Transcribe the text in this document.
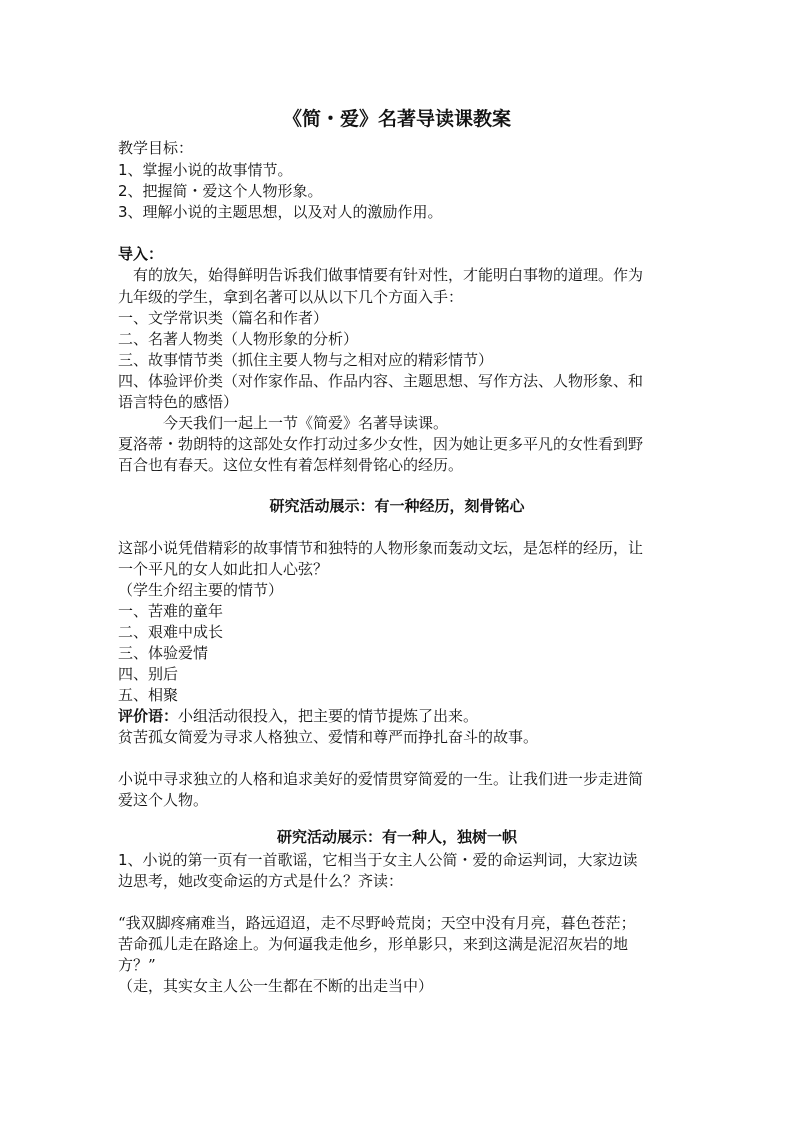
《简・爱》名著导读课教案
教学目标：
1、掌握小说的故事情节。
2、把握简・爱这个人物形象。
3、理解小说的主题思想，以及对人的激励作用。
导入：
　有的放矢，始得鲜明告诉我们做事情要有针对性，才能明白事物的道理。作为
九年级的学生，拿到名著可以从以下几个方面入手：
一、文学常识类（篇名和作者）
二、名著人物类（人物形象的分析）
三、故事情节类（抓住主要人物与之相对应的精彩情节）
四、体验评价类（对作家作品、作品内容、主题思想、写作方法、人物形象、和
语言特色的感悟）
　　　今天我们一起上一节《简爱》名著导读课。
夏洛蒂・勃朗特的这部处女作打动过多少女性，因为她让更多平凡的女性看到野
百合也有春天。这位女性有着怎样刻骨铭心的经历。
研究活动展示：有一种经历，刻骨铭心
这部小说凭借精彩的故事情节和独特的人物形象而轰动文坛，是怎样的经历，让
一个平凡的女人如此扣人心弦？
（学生介绍主要的情节）
一、苦难的童年
二、艰难中成长
三、体验爱情
四、别后
五、相聚
评价语：小组活动很投入，把主要的情节提炼了出来。
贫苦孤女简爱为寻求人格独立、爱情和尊严而挣扎奋斗的故事。
小说中寻求独立的人格和追求美好的爱情贯穿简爱的一生。让我们进一步走进简
爱这个人物。
研究活动展示：有一种人，独树一帜
1、小说的第一页有一首歌谣，它相当于女主人公简・爱的命运判词，大家边读
边思考，她改变命运的方式是什么？齐读：
“我双脚疼痛难当，路远迢迢，走不尽野岭荒岗；天空中没有月亮，暮色苍茫；
苦命孤儿走在路途上。为何逼我走他乡，形单影只，来到这满是泥沼灰岩的地
方？”
（走，其实女主人公一生都在不断的出走当中）
